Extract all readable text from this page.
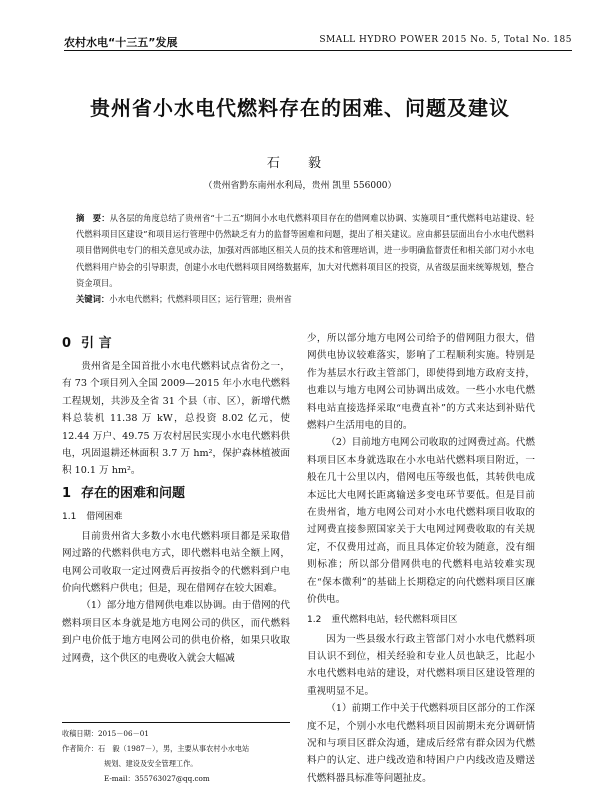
农村水电“十三五”发展	SMALL HYDRO POWER 2015 No. 5, Total No. 185
贵州省小水电代燃料存在的困难、问题及建议
石 毅
（贵州省黔东南州水利局，贵州 凯里 556000）
摘　要：从各层的角度总结了贵州省“十二五”期间小水电代燃料项目存在的借网难以协调、实施项目“重代燃料电站建设、轻代燃料项目区建设”和项目运行管理中仍然缺乏有力的监督等困难和问题，提出了相关建议。应由郝县层面出台小水电代燃料项目借网供电专门的相关意见或办法，加强对西部地区相关人员的技术和管理培训，进一步明确监督责任和相关部门对小水电代燃料用户协会的引导职责，创建小水电代燃料项目网络数据库，加大对代燃料项目区的投资，从省级层面来统筹规划，整合资金项目。
关键词：小水电代燃料；代燃料项目区；运行管理；贵州省
0 引 言

贵州省是全国首批小水电代燃料试点省份之一，有 73 个项目列入全国 2009—2015 年小水电代燃料工程规划，共涉及全省 31 个县（市、区），新增代燃料总装机 11.38 万 kW，总投资 8.02 亿元，使 12.44 万户、49.75 万农村居民实现小水电代燃料供电，巩固退耕还林面积 3.7 万 hm²，保护森林植被面积 10.1 万 hm²。

1 存在的困难和问题
1.1 借网困难

目前贵州省大多数小水电代燃料项目都是采取借网过路的代燃料供电方式，即代燃料电站全额上网，电网公司收取一定过网费后再按指令的代燃料到户电价向代燃料户供电；但是，现在借网存在较大困难。

（1）部分地方借网供电难以协调。由于借网的代燃料项目区本身就是地方电网公司的供区，而代燃料到户电价低于地方电网公司的供电价格，如果只收取过网费，这个供区的电费收入就会大幅减

少，所以部分地方电网公司给予的借网阻力很大，借网供电协议较难落实，影响了工程顺利实施。特别是作为基层水行政主管部门，即使得到地方政府支持，也难以与地方电网公司协调出成效。一些小水电代燃料电站直接选择采取“电费直补”的方式来达到补贴代燃料户生活用电的目的。

（2）目前地方电网公司收取的过网费过高。代燃料项目区本身就选取在小水电站代燃料项目附近，一般在几十公里以内，借网电压等级也低，其转供电成本远比大电网长距离输送多变电环节要低。但是目前在贵州省，地方电网公司对小水电代燃料项目收取的过网费直接参照国家关于大电网过网费收取的有关规定，不仅费用过高，而且具体定价较为随意，没有细则标准；所以部分借网供电的代燃料电站较难实现在“保本微利”的基础上长期稳定的向代燃料项目区廉价供电。

1.2 重代燃料电站，轻代燃料项目区

因为一些县级水行政主管部门对小水电代燃料项目认识不到位，相关经验和专业人员也缺乏，比起小水电代燃料电站的建设，对代燃料项目区建设管理的重视明显不足。

（1）前期工作中关于代燃料项目区部分的工作深度不足，个别小水电代燃料项目因前期未充分调研情况和与项目区群众沟通，建成后经常有群众因为代燃料户的认定、进户线改造和特困户户内线改造及赠送代燃料器具标准等问题扯皮。

收稿日期：2015－06－01
作者简介：石　毅（1987－），男，主要从事农村小水电站
规划、建设及安全管理工作。
E-mail：355763027@qq.com
